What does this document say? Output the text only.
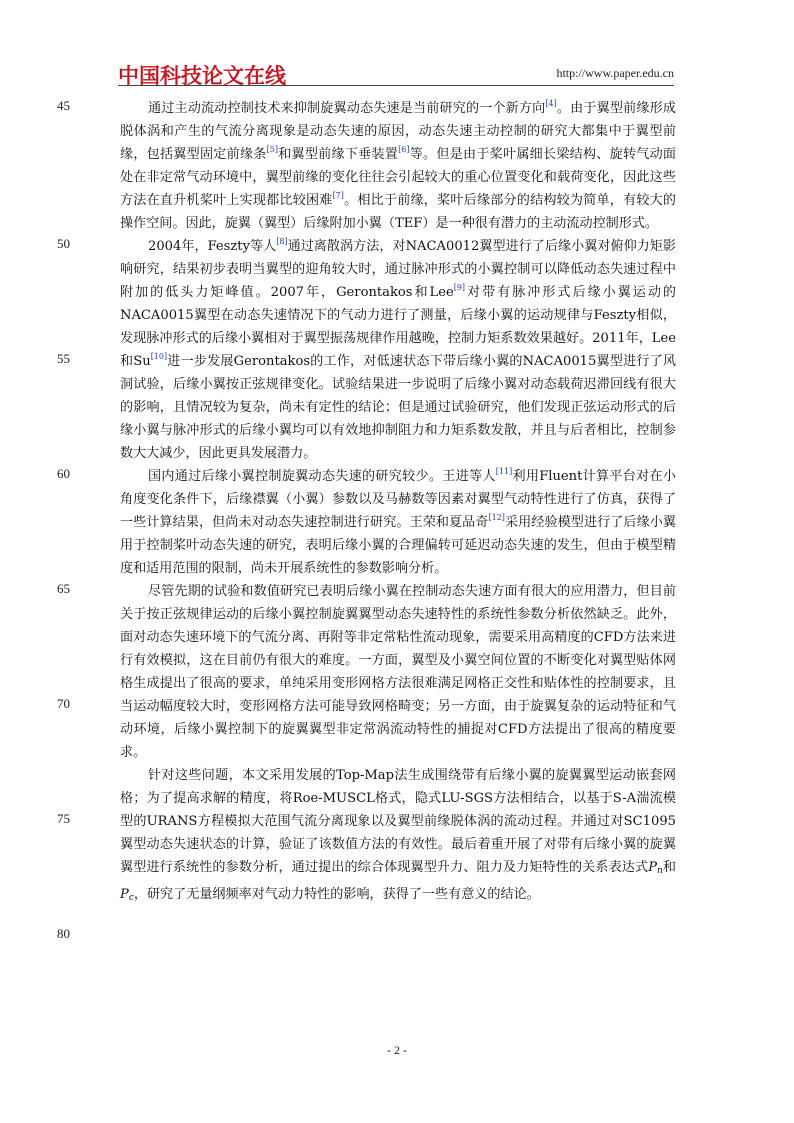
中国科技论文在线	http://www.paper.edu.cn
45
50
55
60
65
70
75
80

通过主动流动控制技术来抑制旋翼动态失速是当前研究的一个新方向[4]。由于翼型前缘形成脱体涡和产生的气流分离现象是动态失速的原因，动态失速主动控制的研究大都集中于翼型前缘，包括翼型固定前缘条[5]和翼型前缘下垂装置[6]等。但是由于桨叶属细长梁结构、旋转气动面处在非定常气动环境中，翼型前缘的变化往往会引起较大的重心位置变化和载荷变化，因此这些方法在直升机桨叶上实现都比较困难[7]。相比于前缘，桨叶后缘部分的结构较为简单，有较大的操作空间。因此，旋翼（翼型）后缘附加小翼（TEF）是一种很有潜力的主动流动控制形式。

2004年，Feszty等人[8]通过离散涡方法，对NACA0012翼型进行了后缘小翼对俯仰力矩影响研究，结果初步表明当翼型的迎角较大时，通过脉冲形式的小翼控制可以降低动态失速过程中附加的低头力矩峰值。2007年，Gerontakos和Lee[9]对带有脉冲形式后缘小翼运动的NACA0015翼型在动态失速情况下的气动力进行了测量，后缘小翼的运动规律与Feszty相似，发现脉冲形式的后缘小翼相对于翼型振荡规律作用越晚，控制力矩系数效果越好。2011年，Lee和Su[10]进一步发展Gerontakos的工作，对低速状态下带后缘小翼的NACA0015翼型进行了风洞试验，后缘小翼按正弦规律变化。试验结果进一步说明了后缘小翼对动态载荷迟滞回线有很大的影响，且情况较为复杂，尚未有定性的结论；但是通过试验研究，他们发现正弦运动形式的后缘小翼与脉冲形式的后缘小翼均可以有效地抑制阻力和力矩系数发散，并且与后者相比，控制参数大大减少，因此更具发展潜力。

国内通过后缘小翼控制旋翼动态失速的研究较少。王进等人[11]利用Fluent计算平台对在小角度变化条件下，后缘襟翼（小翼）参数以及马赫数等因素对翼型气动特性进行了仿真，获得了一些计算结果，但尚未对动态失速控制进行研究。王荣和夏品奇[12]采用经验模型进行了后缘小翼用于控制桨叶动态失速的研究，表明后缘小翼的合理偏转可延迟动态失速的发生，但由于模型精度和适用范围的限制，尚未开展系统性的参数影响分析。

尽管先期的试验和数值研究已表明后缘小翼在控制动态失速方面有很大的应用潜力，但目前关于按正弦规律运动的后缘小翼控制旋翼翼型动态失速特性的系统性参数分析依然缺乏。此外，面对动态失速环境下的气流分离、再附等非定常粘性流动现象，需要采用高精度的CFD方法来进行有效模拟，这在目前仍有很大的难度。一方面，翼型及小翼空间位置的不断变化对翼型贴体网格生成提出了很高的要求，单纯采用变形网格方法很难满足网格正交性和贴体性的控制要求，且当运动幅度较大时，变形网格方法可能导致网格畸变；另一方面，由于旋翼复杂的运动特征和气动环境，后缘小翼控制下的旋翼翼型非定常涡流动特性的捕捉对CFD方法提出了很高的精度要求。

针对这些问题，本文采用发展的Top-Map法生成围绕带有后缘小翼的旋翼翼型运动嵌套网格；为了提高求解的精度，将Roe-MUSCL格式，隐式LU-SGS方法相结合，以基于S-A湍流模型的URANS方程模拟大范围气流分离现象以及翼型前缘脱体涡的流动过程。并通过对SC1095翼型动态失速状态的计算，验证了该数值方法的有效性。最后着重开展了对带有后缘小翼的旋翼翼型进行系统性的参数分析，通过提出的综合体现翼型升力、阻力及力矩特性的关系表达式$P_n$和$P_c$，研究了无量纲频率对气动力特性的影响，获得了一些有意义的结论。

- 2 -
